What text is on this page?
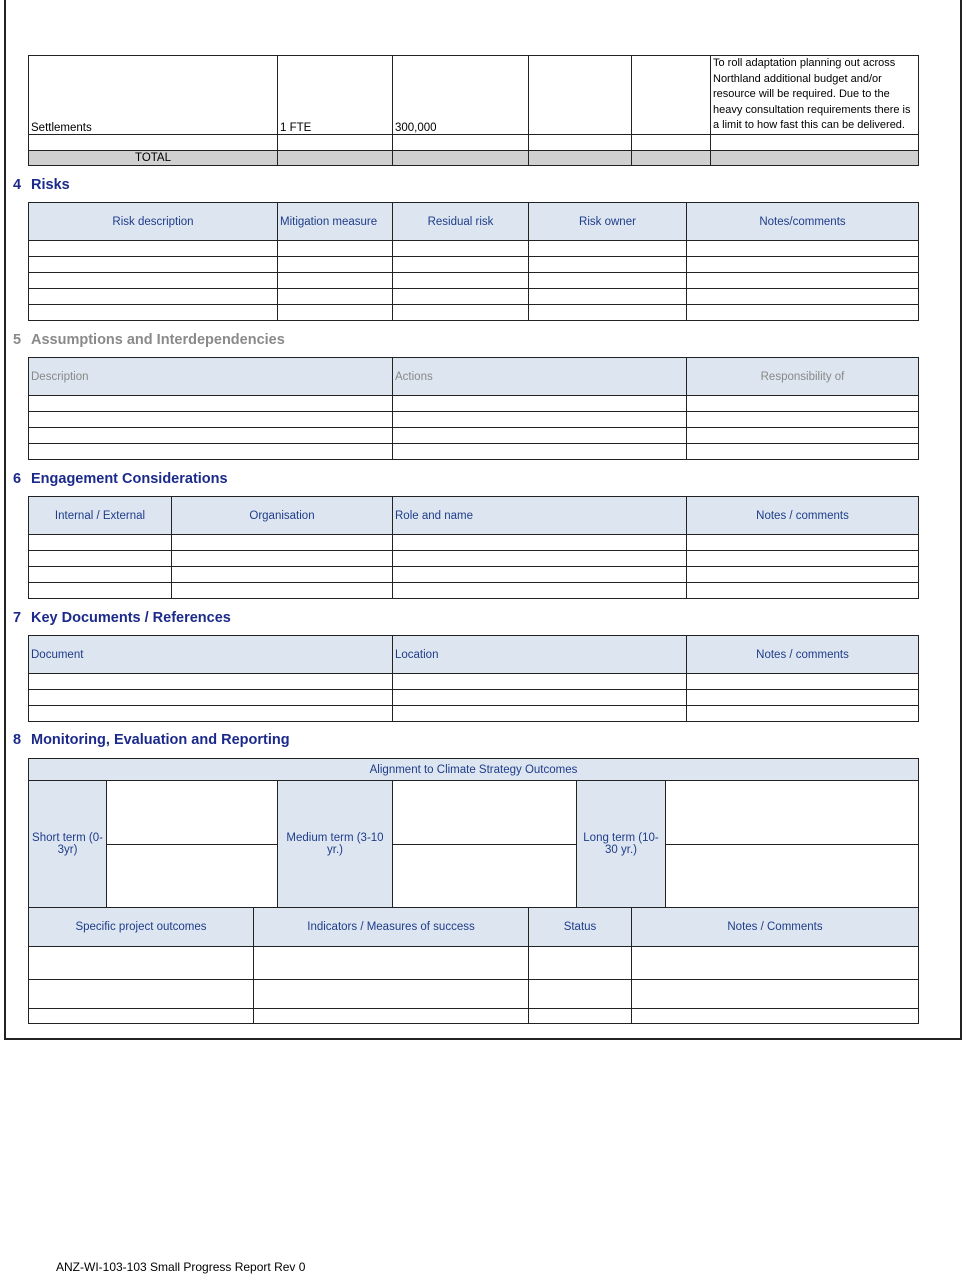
Settlements	1 FTE	300,000			To roll adaptation planning out across Northland additional budget and/or resource will be required. Due to the heavy consultation requirements there is a limit to how fast this can be delivered.

TOTAL					
4 Risks
Risk description	Mitigation measure	Residual risk	Risk owner	Notes/comments

5 Assumptions and Interdependencies
Description	Actions	Responsibility of

6 Engagement Considerations
Internal / External	Organisation	Role and name	Notes / comments

7 Key Documents / References
Document	Location	Notes / comments

8 Monitoring, Evaluation and Reporting
Alignment to Climate Strategy Outcomes					
Short term (0-3yr)		Medium term (3-10 yr.)		Long term (10-30 yr.)	

Specific project outcomes	Indicators / Measures of success	Status	Notes / Comments

ANZ-WI-103-103 Small Progress Report Rev 0
